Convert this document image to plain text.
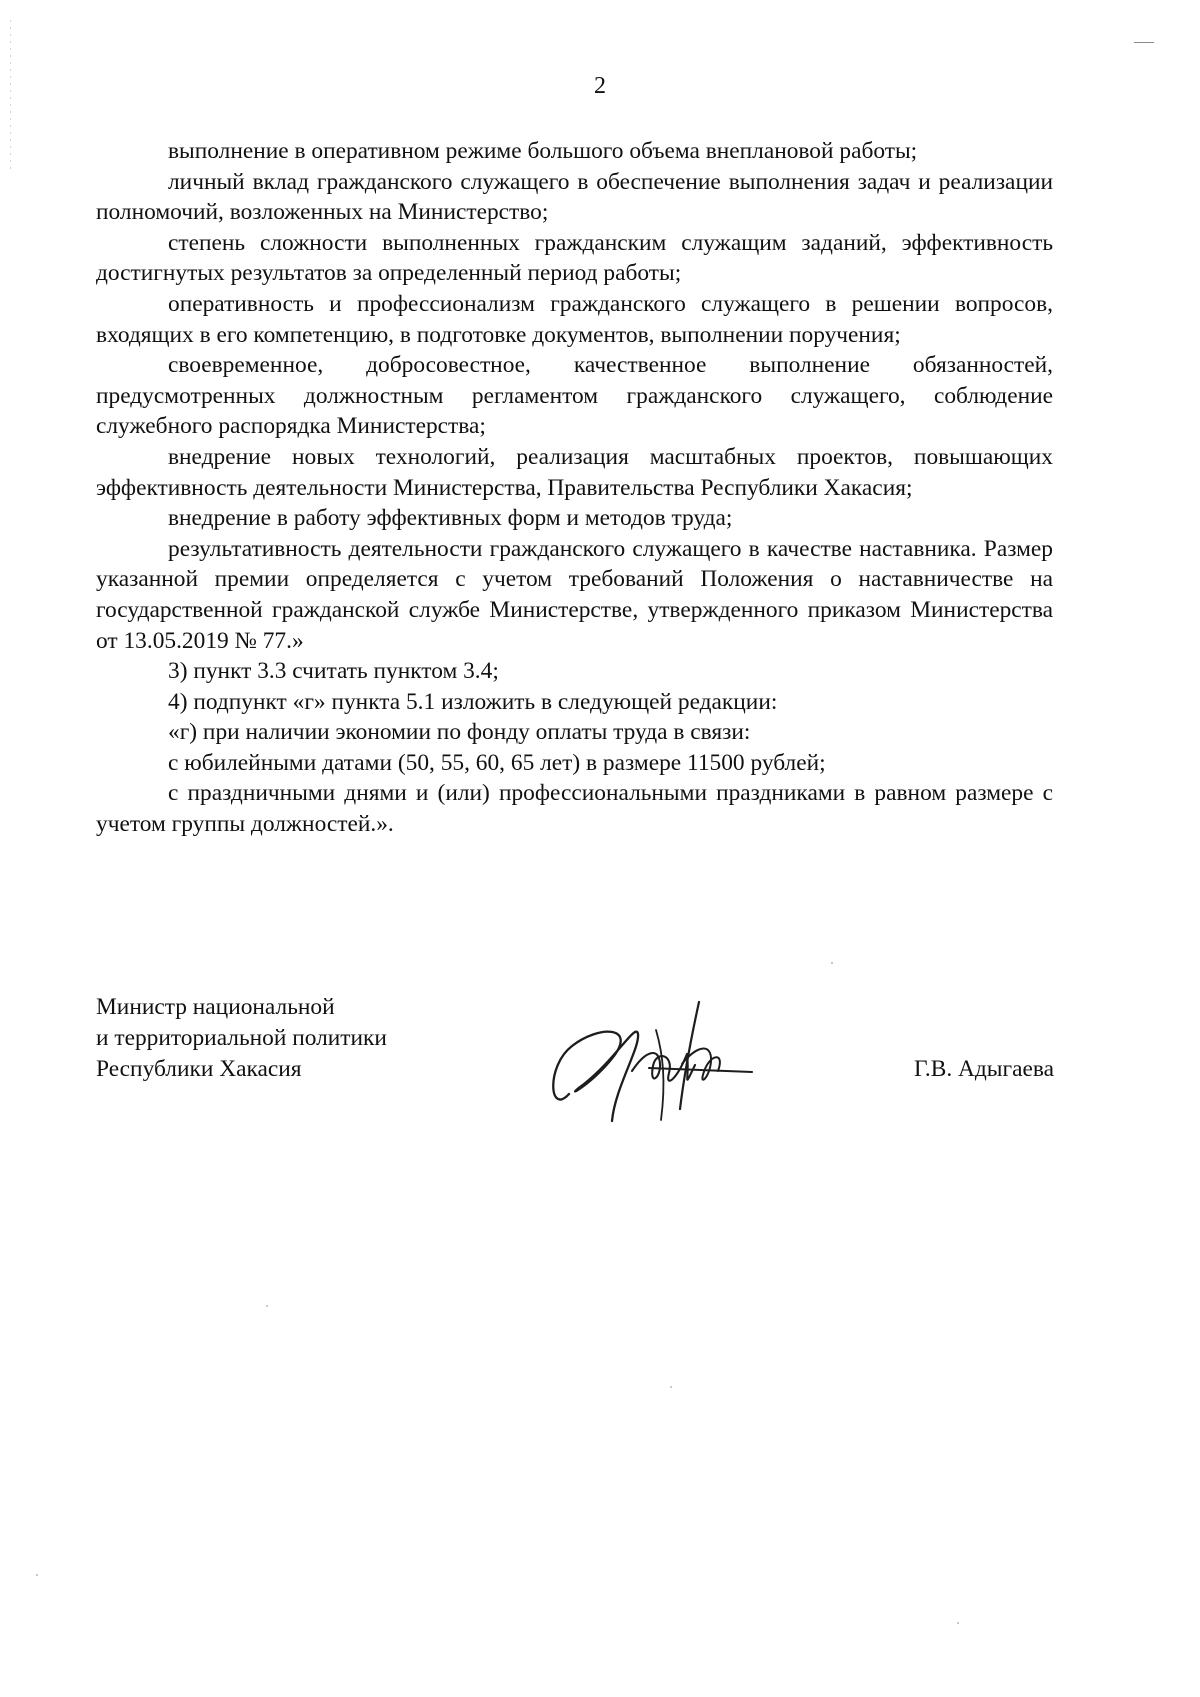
2

выполнение в оперативном режиме большого объема внеплановой работы;

личный вклад гражданского служащего в обеспечение выполнения задач и реализации полномочий, возложенных на Министерство;

степень сложности выполненных гражданским служащим заданий, эффективность достигнутых результатов за определенный период работы;

оперативность и профессионализм гражданского служащего в решении вопросов, входящих в его компетенцию, в подготовке документов, выполнении поручения;

своевременное, добросовестное, качественное выполнение обязанностей, предусмотренных должностным регламентом гражданского служащего, соблюдение служебного распорядка Министерства;

внедрение новых технологий, реализация масштабных проектов, повышающих эффективность деятельности Министерства, Правительства Республики Хакасия;

внедрение в работу эффективных форм и методов труда;

результативность деятельности гражданского служащего в качестве наставника. Размер указанной премии определяется с учетом требований Положения о наставничестве на государственной гражданской службе Министерстве, утвержденного приказом Министерства от 13.05.2019 № 77.»

3) пункт 3.3 считать пунктом 3.4;

4) подпункт «г» пункта 5.1 изложить в следующей редакции:

«г) при наличии экономии по фонду оплаты труда в связи:

с юбилейными датами (50, 55, 60, 65 лет) в размере 11500 рублей;

с праздничными днями и (или) профессиональными праздниками в равном размере с учетом группы должностей.».

Министр национальной
и территориальной политики
Республики Хакасия	Г.В. Адыгаева
